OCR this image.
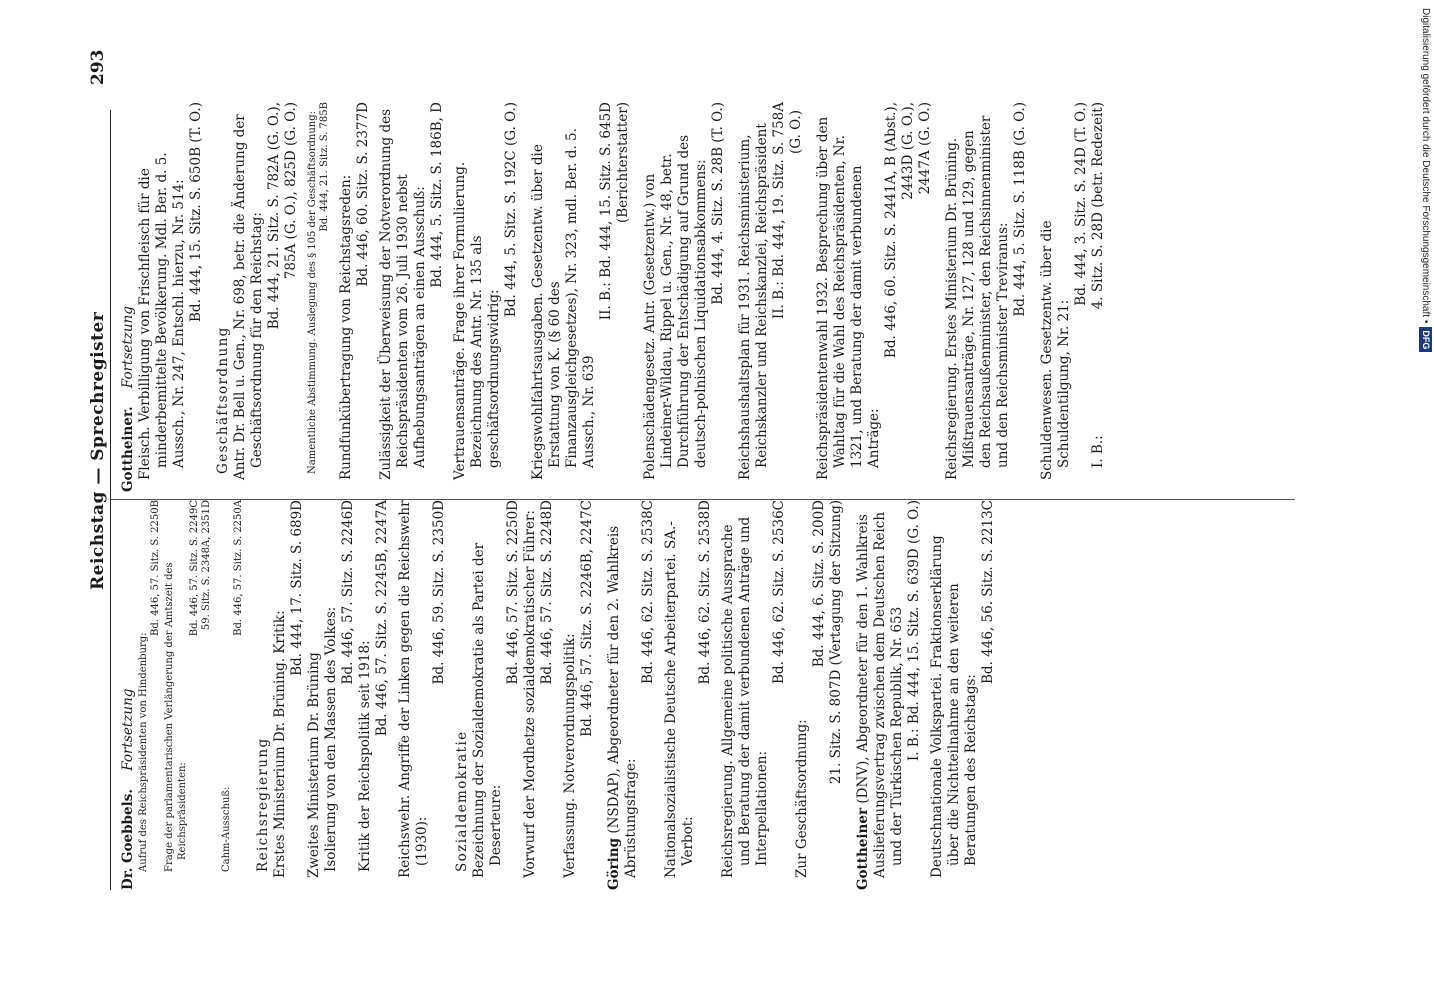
Reichstag — Sprechregister
293
Dr. Goebbels. Fortsetzung Aufruf des Reichspräsidenten von Hindenburg:
Bd. 446, 57. Sitz. S. 2250B Frage der parlamentarischen Verlängerung der Amtszeit des Reichspräsidenten:
Bd. 446, 57. Sitz. S. 2249C 59. Sitz. S. 2348A, 2351D
Cahm-Ausschuß:
Bd. 446, 57. Sitz. S. 2250A
Reichsregierung Erstes Ministerium Dr. Brüning. Kritik:
Bd. 444, 17. Sitz. S. 689D
Zweites Ministerium Dr. Brüning Isolierung von den Massen des Volkes:
Bd. 446, 57. Sitz. S. 2246D
Kritik der Reichspolitik seit 1918:
Bd. 446, 57. Sitz. S. 2245B, 2247A Reichswehr. Angriffe der Linken gegen die Reichswehr (1930):
Bd. 446, 59. Sitz. S. 2350D
Sozialdemokratie Bezeichnung der Sozialdemokratie als Partei der Deserteure:
Bd. 446, 57. Sitz. S. 2250D Vorwurf der Mordhetze sozialdemokratischer Führer: Bd. 446, 57. Sitz. S. 2248D
Verfassung. Notverordnungspolitik:
Bd. 446, 57. Sitz. S. 2246B, 2247C
Göring (NSDAP), Abgeordneter für den 2. Wahlkreis Abrüstungsfrage:
Bd. 446, 62. Sitz. S. 2538C Nationalsozialistische Deutsche Arbeiterpartei. SA.-Verbot:
Bd. 446, 62. Sitz. S. 2538D Reichsregierung. Allgemeine politische Aussprache und Beratung der damit verbundenen Anträge und Interpellationen:
Bd. 446, 62. Sitz. S. 2536C
Zur Geschäftsordnung:
Bd. 444, 6. Sitz. S. 200D 21. Sitz. S. 807D (Vertagung der Sitzung)
Gottheiner (DNV), Abgeordneter für den 1. Wahlkreis Auslieferungsvertrag zwischen dem Deutschen Reich und der Türkischen Republik, Nr. 653 I. B.: Bd. 444, 15. Sitz. S. 639D (G. O.) Deutschnationale Volkspartei. Fraktionserklärung über die Nichtteilnahme an den weiteren Beratungen des Reichstags:
Bd. 446, 56. Sitz. S. 2213C
Gottheiner. Fortsetzung Fleisch. Verbilligung von Frischfleisch für die minderbemittelte Bevölkerung. Mdl. Ber. d. 5. Aussch., Nr. 247, Entschl. hierzu, Nr. 514: Bd. 444, 15. Sitz. S. 650B (T. O.)
Geschäftsordnung Antr. Dr. Bell u. Gen., Nr. 698, betr. die Änderung der Geschäftsordnung für den Reichstag: Bd. 444, 21. Sitz. S. 782A (G. O.), 785A (G. O.), 825D (G. O.) Namentliche Abstimmung. Auslegung des § 105 der Geschäftsordnung: Bd. 444, 21. Sitz. S. 785B
Rundfunkübertragung von Reichstagsreden: Bd. 446, 60. Sitz. S. 2377D Zulässigkeit der Überweisung der Notverordnung des Reichspräsidenten vom 26. Juli 1930 nebst Aufhebungsanträgen an einen Ausschuß: Bd. 444, 5. Sitz. S. 186B, D Vertrauensanträge. Frage ihrer Formulierung. Bezeichnung des Antr. Nr. 135 als geschäftsordnungswidrig:
Bd. 444, 5. Sitz. S. 192C (G. O.) Kriegswohlfahrtsausgaben. Gesetzentw. über die Erstattung von K. (§ 60 des Finanzausgleichgesetzes), Nr. 323, mdl. Ber. d. 5. Aussch., Nr. 639
II. B.: Bd. 444, 15. Sitz. S. 645D (Berichterstatter)
Polenschädengesetz. Antr. (Gesetzentw.) von Lindeiner-Wildau, Rippel u. Gen., Nr. 48, betr. Durchführung der Entschädigung auf Grund des deutsch-polnischen Liquidationsabkommens: Bd. 444, 4. Sitz. S. 28B (T. O.) Reichshaushaltsplan für 1931. Reichsministerium, Reichskanzler und Reichskanzlei, Reichspräsident II. B.: Bd. 444, 19. Sitz. S. 758A (G. O.) Reichspräsidentenwahl 1932. Besprechung über den Wahltag für die Wahl des Reichspräsidenten, Nr. 1321, und Beratung der damit verbundenen Anträge:
Bd. 446, 60. Sitz. S. 2441A, B (Abst.), 2443D (G. O.), 2447A (G. O.) Reichsregierung. Erstes Ministerium Dr. Brüning. Mißtrauensanträge, Nr. 127, 128 und 129, gegen den Reichsaußenminister, den Reichsinnenminister und den Reichsminister Treviranus:
Bd. 444, 5. Sitz. S. 118B (G. O.)
Schuldenwesen. Gesetzentw. über die Schuldentilgung, Nr. 21:
Bd. 444, 3. Sitz. S. 24D (T. O.)
I. B.:
4. Sitz. S. 28D (betr. Redezeit)	Digitalisierung gefördert durch die Deutsche Forschungsgemeinschaft •
DFG
